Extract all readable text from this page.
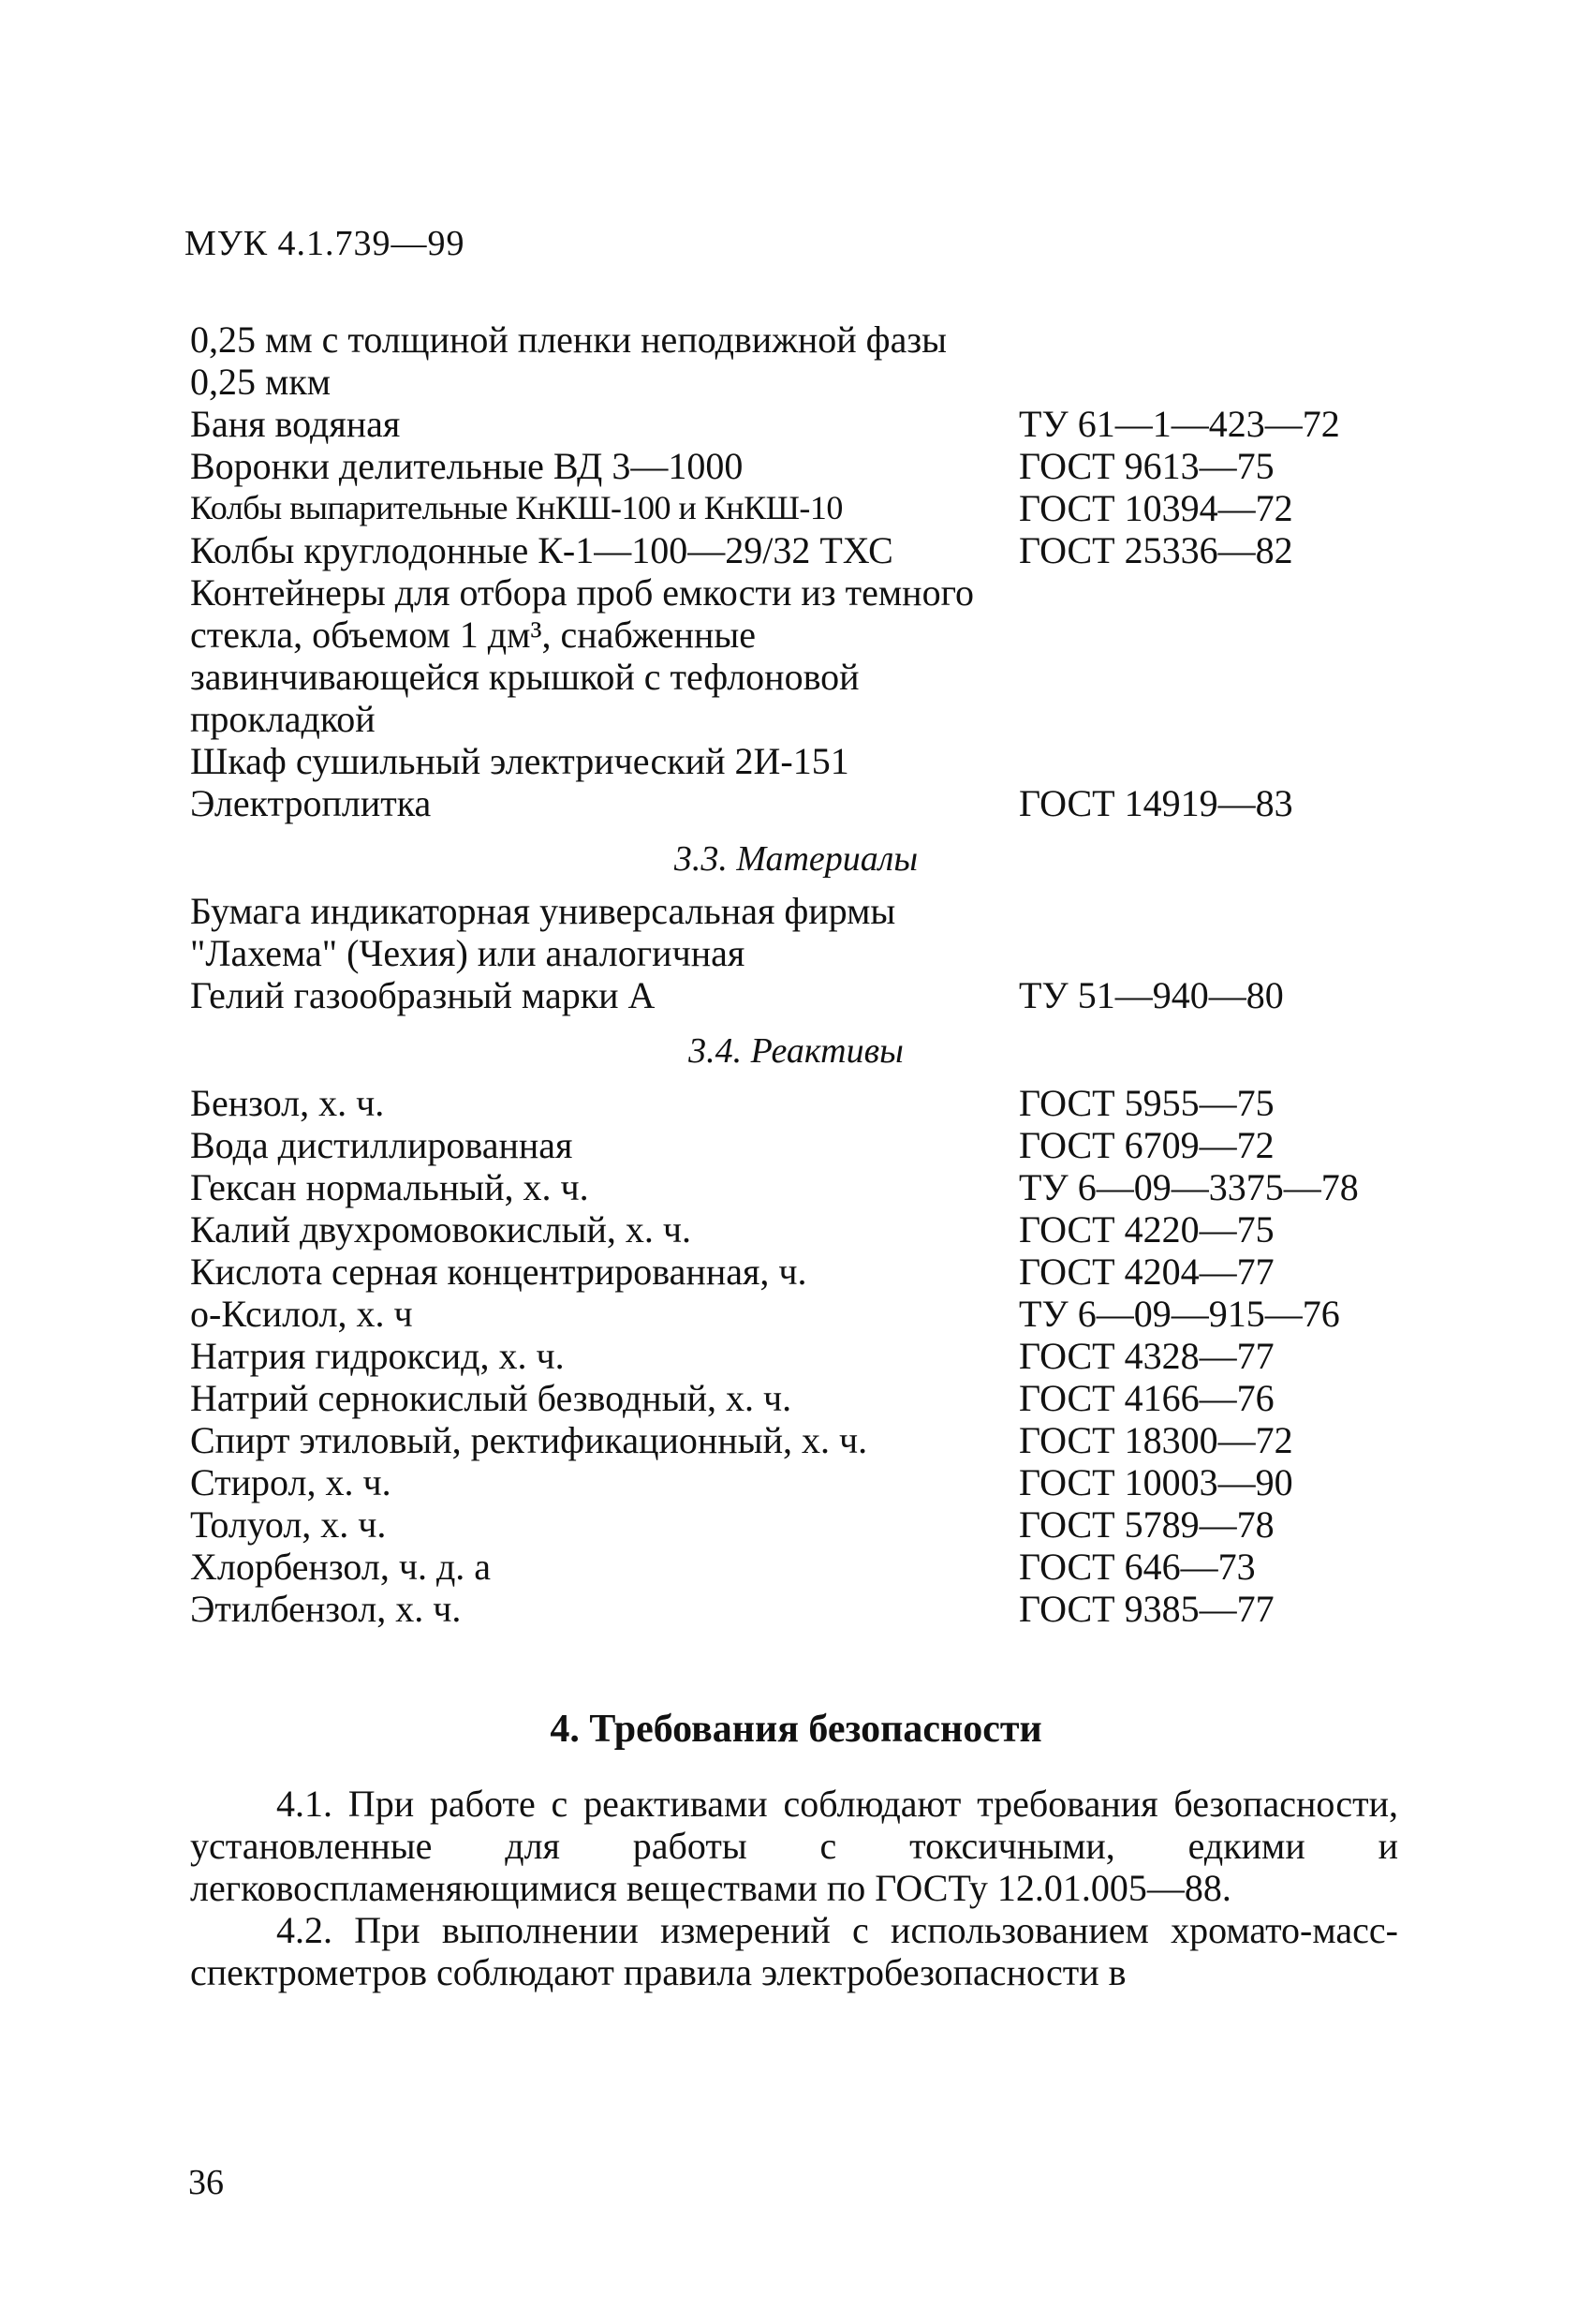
МУК 4.1.739—99
0,25 мм с толщиной пленки неподвижной фазы 0,25 мкм
Баня водяная	ТУ 61—1—423—72
Воронки делительные ВД 3—1000	ГОСТ 9613—75
Колбы выпарительные КнКШ-100 и КнКШ-10	ГОСТ 10394—72
Колбы круглодонные К-1—100—29/32 ТХС	ГОСТ 25336—82
Контейнеры для отбора проб емкости из темного стекла, объемом 1 дм³, снабженные завинчивающейся крышкой с тефлоновой прокладкой
Шкаф сушильный электрический 2И-151
Электроплитка	ГОСТ 14919—83
3.3. Материалы
Бумага индикаторная универсальная фирмы "Лахема" (Чехия) или аналогичная
Гелий газообразный марки А	ТУ 51—940—80
3.4. Реактивы
Бензол, х. ч.	ГОСТ 5955—75
Вода дистиллированная	ГОСТ 6709—72
Гексан нормальный, х. ч.	ТУ 6—09—3375—78
Калий двухромовокислый, х. ч.	ГОСТ 4220—75
Кислота серная концентрированная, ч.	ГОСТ 4204—77
о-Ксилол, х. ч	ТУ 6—09—915—76
Натрия гидроксид, х. ч.	ГОСТ 4328—77
Натрий сернокислый безводный, х. ч.	ГОСТ 4166—76
Спирт этиловый, ректификационный, х. ч.	ГОСТ 18300—72
Стирол, х. ч.	ГОСТ 10003—90
Толуол, х. ч.	ГОСТ 5789—78
Хлорбензол, ч. д. а	ГОСТ 646—73
Этилбензол, х. ч.	ГОСТ 9385—77
4. Требования безопасности

4.1. При работе с реактивами соблюдают требования безопасности, установленные для работы с токсичными, едкими и легковоспламеняющимися веществами по ГОСТу 12.01.005—88.

4.2. При выполнении измерений с использованием хромато-масс-спектрометров соблюдают правила электробезопасности в

36
